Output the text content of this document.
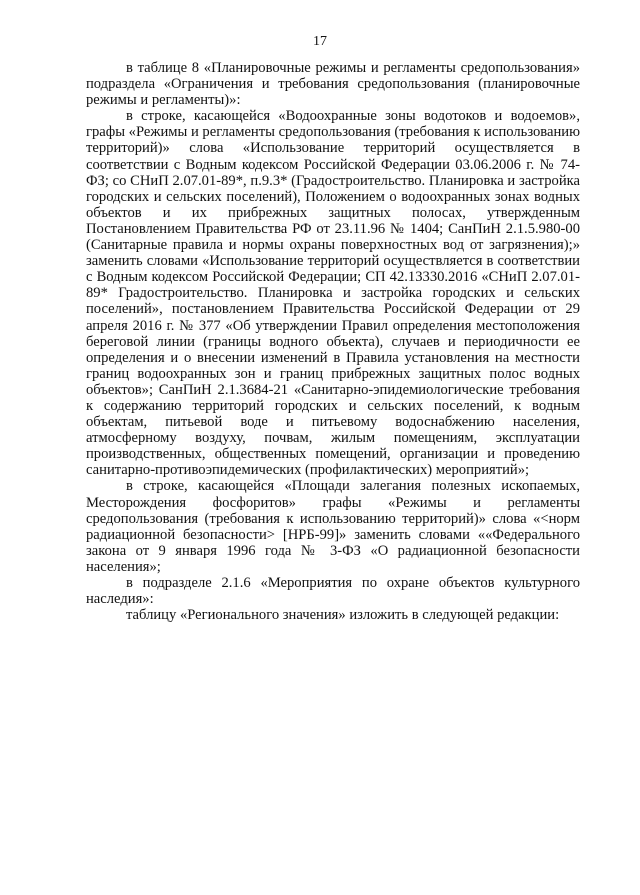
17

в таблице 8 «Планировочные режимы и регламенты средопользования» подраздела «Ограничения и требования средопользования (планировочные режимы и регламенты)»:

в строке, касающейся «Водоохранные зоны водотоков и водоемов», графы «Режимы и регламенты средопользования (требования к использованию территорий)» слова «Использование территорий осуществляется в соответствии с Водным кодексом Российской Федерации 03.06.2006 г. № 74-ФЗ; со СНиП 2.07.01-89*, п.9.3* (Градостроительство. Планировка и застройка городских и сельских поселений), Положением о водоохранных зонах водных объектов и их прибрежных защитных полосах, утвержденным Постановлением Правительства РФ от 23.11.96 № 1404; СанПиН 2.1.5.980-00 (Санитарные правила и нормы охраны поверхностных вод от загрязнения);» заменить словами «Использование территорий осуществляется в соответствии с Водным кодексом Российской Федерации; СП 42.13330.2016 «СНиП 2.07.01-89* Градостроительство. Планировка и застройка городских и сельских поселений», постановлением Правительства Российской Федерации от 29 апреля 2016 г. № 377 «Об утверждении Правил определения местоположения береговой линии (границы водного объекта), случаев и периодичности ее определения и о внесении изменений в Правила установления на местности границ водоохранных зон и границ прибрежных защитных полос водных объектов»; СанПиН 2.1.3684-21 «Санитарно-эпидемиологические требования к содержанию территорий городских и сельских поселений, к водным объектам, питьевой воде и питьевому водоснабжению населения, атмосферному воздуху, почвам, жилым помещениям, эксплуатации производственных, общественных помещений, организации и проведению санитарно-противоэпидемических (профилактических) мероприятий»;

в строке, касающейся «Площади залегания полезных ископаемых, Месторождения фосфоритов» графы «Режимы и регламенты средопользования (требования к использованию территорий)» слова «<норм радиационной безопасности> [НРБ-99]» заменить словами ««Федерального закона от 9 января 1996 года № 3-ФЗ «О радиационной безопасности населения»;

в подразделе 2.1.6 «Мероприятия по охране объектов культурного наследия»:

таблицу «Регионального значения» изложить в следующей редакции:
